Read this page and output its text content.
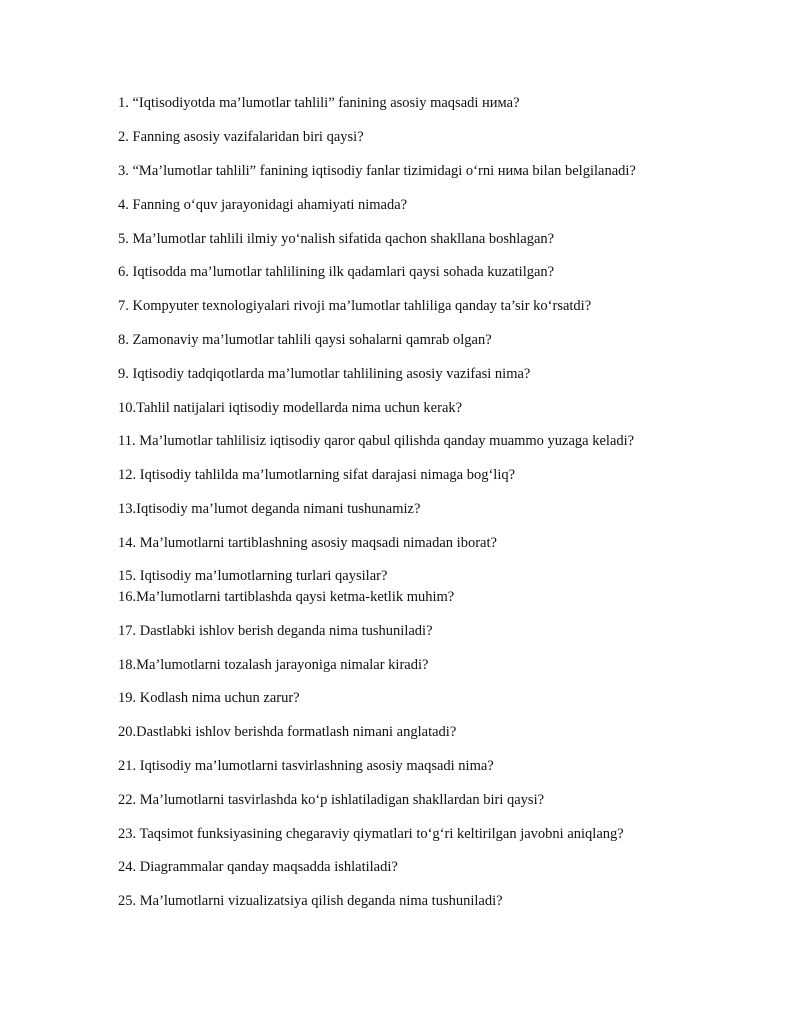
1. “Iqtisodiyotda ma’lumotlar tahlili” fanining asosiy maqsadi нима?

2. Fanning asosiy vazifalaridan biri qaysi?

3. “Ma’lumotlar tahlili” fanining iqtisodiy fanlar tizimidagi o‘rni нима bilan belgilanadi?

4. Fanning o‘quv jarayonidagi ahamiyati nimada?

5. Ma’lumotlar tahlili ilmiy yo‘nalish sifatida qachon shakllana boshlagan?

6. Iqtisodda ma’lumotlar tahlilining ilk qadamlari qaysi sohada kuzatilgan?

7. Kompyuter texnologiyalari rivoji ma’lumotlar tahliliga qanday ta’sir ko‘rsatdi?

8. Zamonaviy ma’lumotlar tahlili qaysi sohalarni qamrab olgan?

9. Iqtisodiy tadqiqotlarda ma’lumotlar tahlilining asosiy vazifasi nima?

10.Tahlil natijalari iqtisodiy modellarda nima uchun kerak?

11. Ma’lumotlar tahlilisiz iqtisodiy qaror qabul qilishda qanday muammo yuzaga keladi?

12. Iqtisodiy tahlilda ma’lumotlarning sifat darajasi nimaga bog‘liq?

13.Iqtisodiy ma’lumot deganda nimani tushunamiz?

14. Ma’lumotlarni tartiblashning asosiy maqsadi nimadan iborat?

15. Iqtisodiy ma’lumotlarning turlari qaysilar?

16.Ma’lumotlarni tartiblashda qaysi ketma-ketlik muhim?

17. Dastlabki ishlov berish deganda nima tushuniladi?

18.Ma’lumotlarni tozalash jarayoniga nimalar kiradi?

19. Kodlash nima uchun zarur?

20.Dastlabki ishlov berishda formatlash nimani anglatadi?

21. Iqtisodiy ma’lumotlarni tasvirlashning asosiy maqsadi nima?

22. Ma’lumotlarni tasvirlashda ko‘p ishlatiladigan shakllardan biri qaysi?

23. Taqsimot funksiyasining chegaraviy qiymatlari to‘g‘ri keltirilgan javobni aniqlang?

24. Diagrammalar qanday maqsadda ishlatiladi?

25. Ma’lumotlarni vizualizatsiya qilish deganda nima tushuniladi?
